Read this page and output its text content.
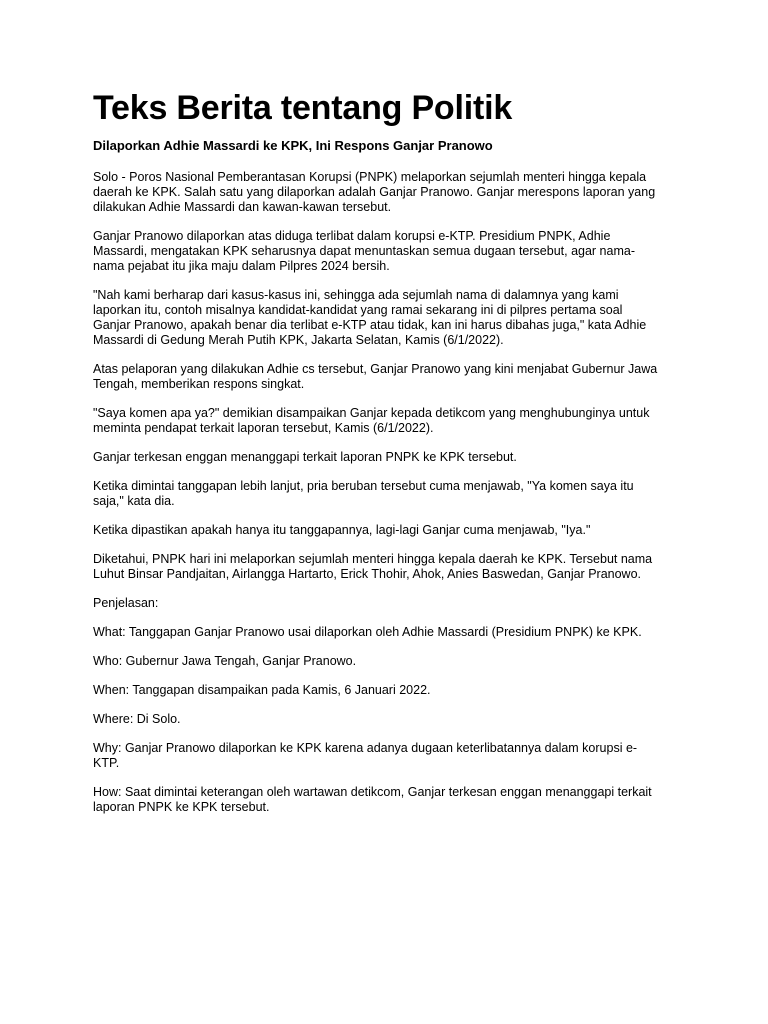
Teks Berita tentang Politik
Dilaporkan Adhie Massardi ke KPK, Ini Respons Ganjar Pranowo

Solo - Poros Nasional Pemberantasan Korupsi (PNPK) melaporkan sejumlah menteri hingga kepala
daerah ke KPK. Salah satu yang dilaporkan adalah Ganjar Pranowo. Ganjar merespons laporan yang
dilakukan Adhie Massardi dan kawan-kawan tersebut.

Ganjar Pranowo dilaporkan atas diduga terlibat dalam korupsi e-KTP. Presidium PNPK, Adhie
Massardi, mengatakan KPK seharusnya dapat menuntaskan semua dugaan tersebut, agar nama-
nama pejabat itu jika maju dalam Pilpres 2024 bersih.

"Nah kami berharap dari kasus-kasus ini, sehingga ada sejumlah nama di dalamnya yang kami
laporkan itu, contoh misalnya kandidat-kandidat yang ramai sekarang ini di pilpres pertama soal
Ganjar Pranowo, apakah benar dia terlibat e-KTP atau tidak, kan ini harus dibahas juga," kata Adhie
Massardi di Gedung Merah Putih KPK, Jakarta Selatan, Kamis (6/1/2022).

Atas pelaporan yang dilakukan Adhie cs tersebut, Ganjar Pranowo yang kini menjabat Gubernur Jawa
Tengah, memberikan respons singkat.

"Saya komen apa ya?" demikian disampaikan Ganjar kepada detikcom yang menghubunginya untuk
meminta pendapat terkait laporan tersebut, Kamis (6/1/2022).

Ganjar terkesan enggan menanggapi terkait laporan PNPK ke KPK tersebut.

Ketika dimintai tanggapan lebih lanjut, pria beruban tersebut cuma menjawab, "Ya komen saya itu
saja," kata dia.

Ketika dipastikan apakah hanya itu tanggapannya, lagi-lagi Ganjar cuma menjawab, "Iya."

Diketahui, PNPK hari ini melaporkan sejumlah menteri hingga kepala daerah ke KPK. Tersebut nama
Luhut Binsar Pandjaitan, Airlangga Hartarto, Erick Thohir, Ahok, Anies Baswedan, Ganjar Pranowo.

Penjelasan:

What: Tanggapan Ganjar Pranowo usai dilaporkan oleh Adhie Massardi (Presidium PNPK) ke KPK.

Who: Gubernur Jawa Tengah, Ganjar Pranowo.

When: Tanggapan disampaikan pada Kamis, 6 Januari 2022.

Where: Di Solo.

Why: Ganjar Pranowo dilaporkan ke KPK karena adanya dugaan keterlibatannya dalam korupsi e-
KTP.

How: Saat dimintai keterangan oleh wartawan detikcom, Ganjar terkesan enggan menanggapi terkait
laporan PNPK ke KPK tersebut.
